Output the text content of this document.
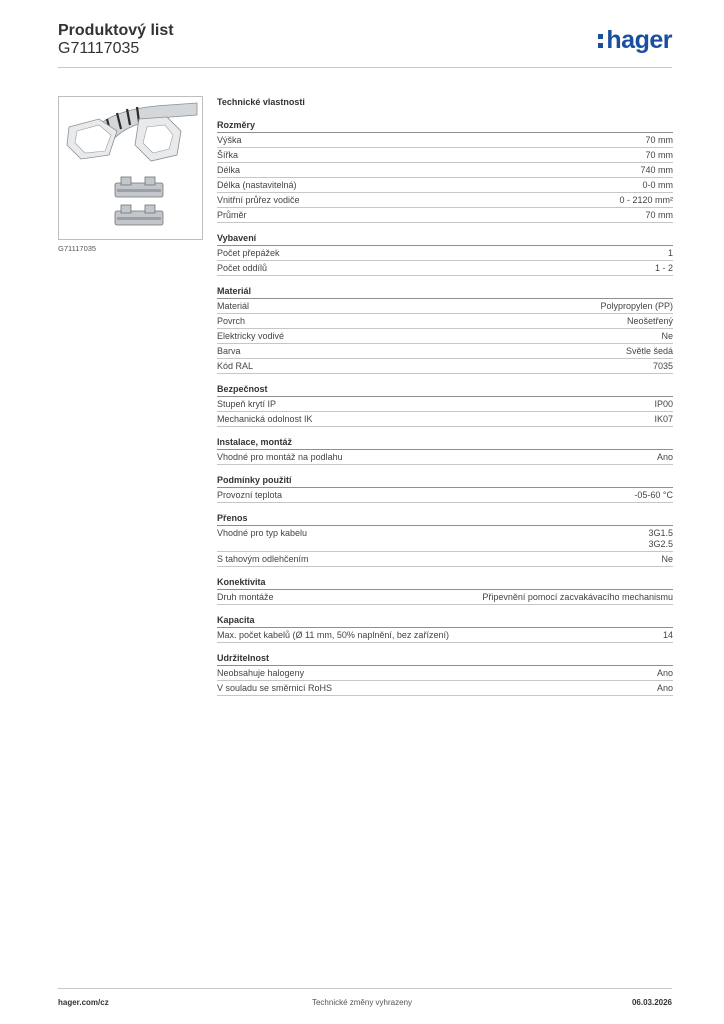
Produktový list
G71117035	hager
G71117035
Technické vlastnosti
Rozměry
Výška	70 mm
Šířka	70 mm
Délka	740 mm
Délka (nastavitelná)	0-0 mm
Vnitřní průřez vodiče	0 - 2120 mm²
Průměr	70 mm
Vybavení
Počet přepážek	1
Počet oddílů	1 - 2
Materiál
Materiál	Polypropylen (PP)
Povrch	Neošetřený
Elektricky vodivé	Ne
Barva	Světle šedá
Kód RAL	7035
Bezpečnost
Stupeň krytí IP	IP00
Mechanická odolnost IK	IK07
Instalace, montáž
Vhodné pro montáž na podlahu	Ano
Podmínky použití
Provozní teplota	-05-60 °C
Přenos
Vhodné pro typ kabelu	3G1.5
3G2.5
S tahovým odlehčením	Ne
Konektivita
Druh montáže	Připevnění pomocí zacvakávacího mechanismu
Kapacita
Max. počet kabelů (Ø 11 mm, 50% naplnění, bez zařízení)	14
Udržitelnost
Neobsahuje halogeny	Ano
V souladu se směrnicí RoHS	Ano
hager.com/cz	Technické změny vyhrazeny	06.03.2026
